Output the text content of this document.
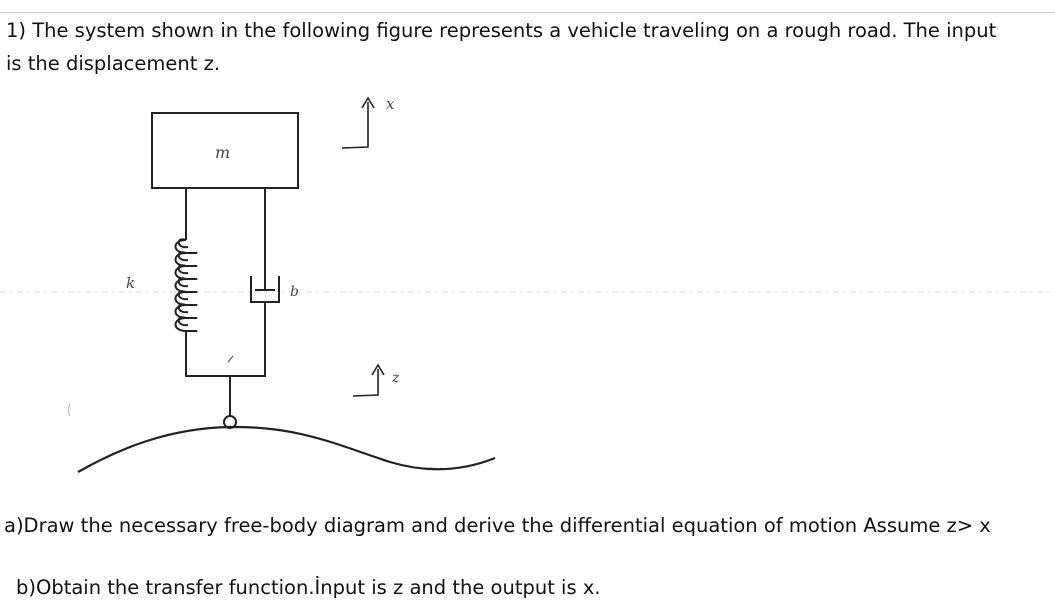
1) The system shown in the following figure represents a vehicle traveling on a rough road. The input
is the displacement z.
m
x
k	b
z
a)Draw the necessary free-body diagram and derive the differential equation of motion Assume z> x
b)Obtain the transfer function.İnput is z and the output is x.
